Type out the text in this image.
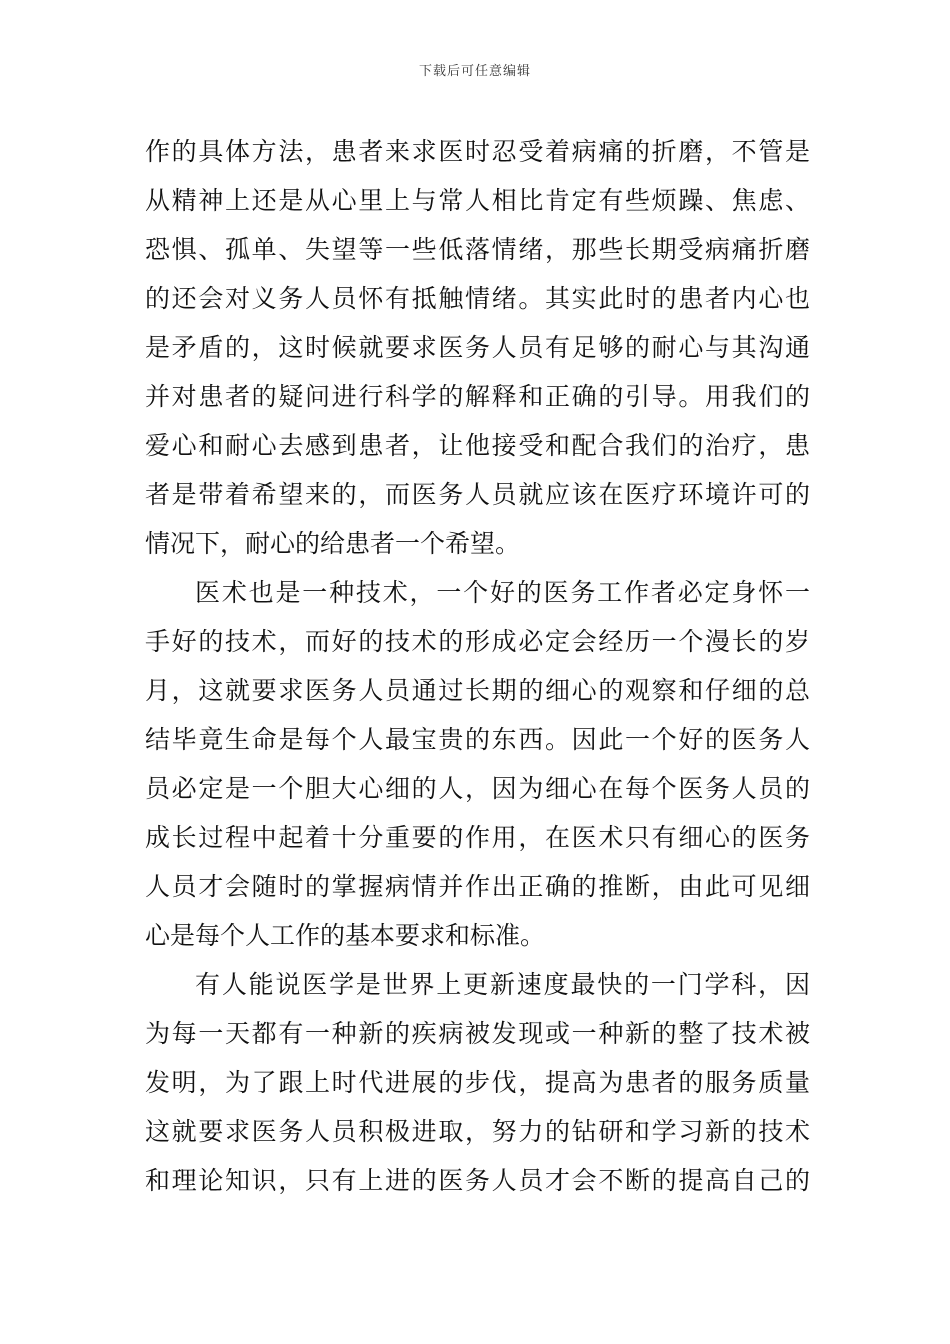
下载后可任意编辑
作的具体方法，患者来求医时忍受着病痛的折磨，不管是
从精神上还是从心里上与常人相比肯定有些烦躁、焦虑、
恐惧、孤单、失望等一些低落情绪，那些长期受病痛折磨
的还会对义务人员怀有抵触情绪。其实此时的患者内心也
是矛盾的，这时候就要求医务人员有足够的耐心与其沟通
并对患者的疑问进行科学的解释和正确的引导。用我们的
爱心和耐心去感到患者，让他接受和配合我们的治疗，患
者是带着希望来的，而医务人员就应该在医疗环境许可的
情况下，耐心的给患者一个希望。
医术也是一种技术，一个好的医务工作者必定身怀一
手好的技术，而好的技术的形成必定会经历一个漫长的岁
月，这就要求医务人员通过长期的细心的观察和仔细的总
结毕竟生命是每个人最宝贵的东西。因此一个好的医务人
员必定是一个胆大心细的人，因为细心在每个医务人员的
成长过程中起着十分重要的作用，在医术只有细心的医务
人员才会随时的掌握病情并作出正确的推断，由此可见细
心是每个人工作的基本要求和标准。
有人能说医学是世界上更新速度最快的一门学科，因
为每一天都有一种新的疾病被发现或一种新的整了技术被
发明，为了跟上时代进展的步伐，提高为患者的服务质量
这就要求医务人员积极进取，努力的钻研和学习新的技术
和理论知识，只有上进的医务人员才会不断的提高自己的
